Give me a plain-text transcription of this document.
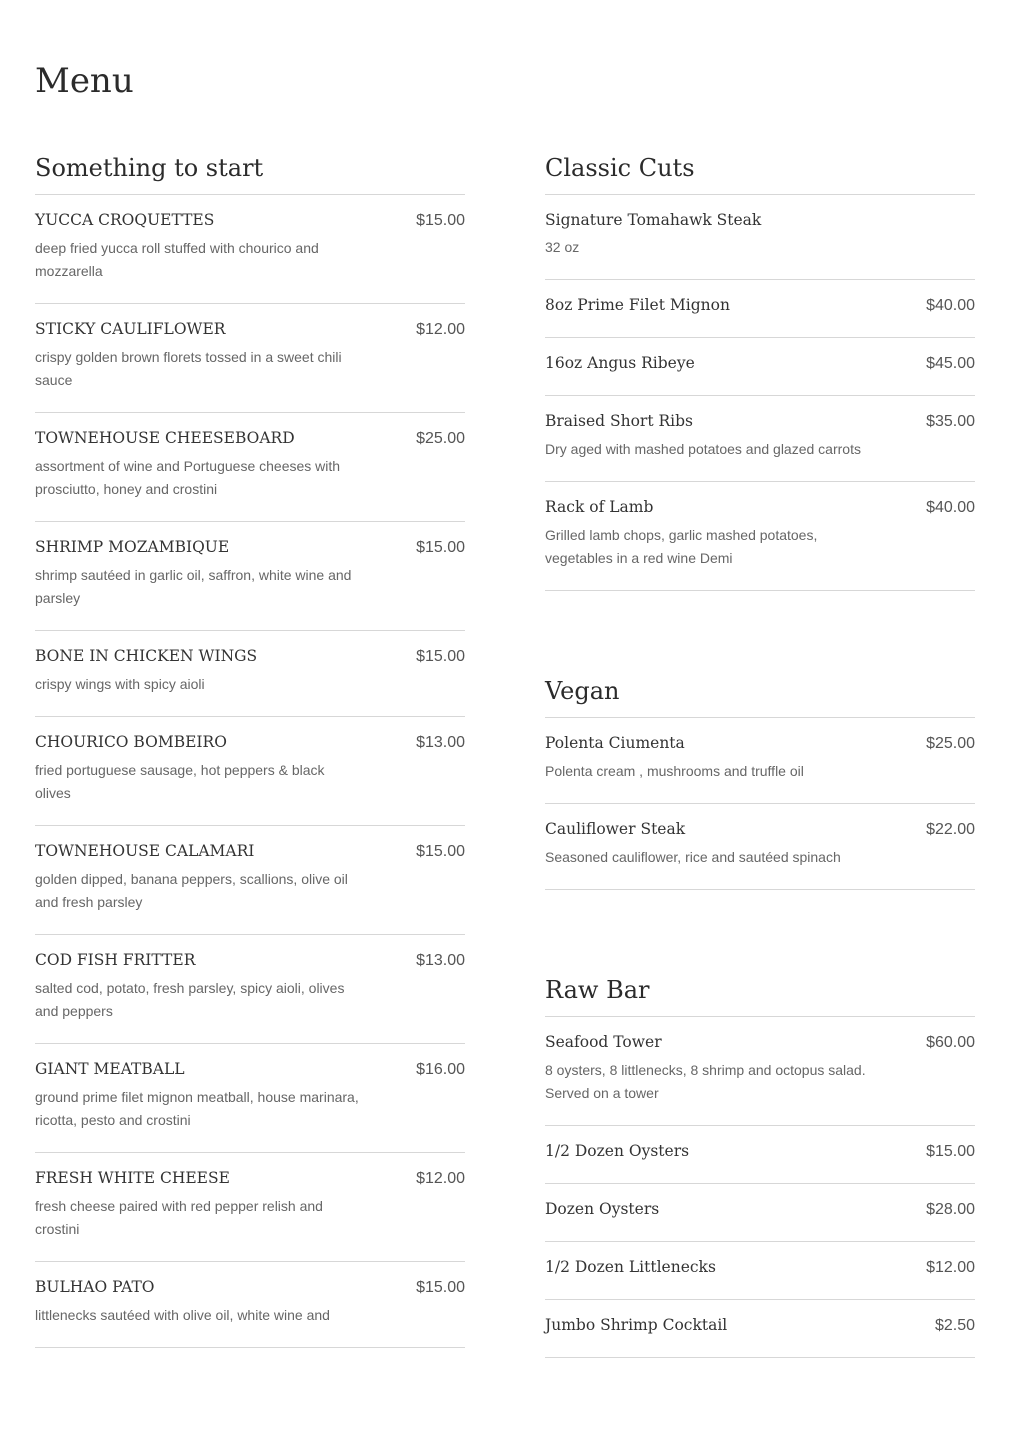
Menu
Something to start
YUCCA CROQUETTES	$15.00
deep fried yucca roll stuffed with chourico and mozzarella
STICKY CAULIFLOWER	$12.00
crispy golden brown florets tossed in a sweet chili sauce
TOWNEHOUSE CHEESEBOARD	$25.00
assortment of wine and Portuguese cheeses with prosciutto, honey and crostini
SHRIMP MOZAMBIQUE	$15.00
shrimp sautéed in garlic oil, saffron, white wine and parsley
BONE IN CHICKEN WINGS	$15.00
crispy wings with spicy aioli
CHOURICO BOMBEIRO	$13.00
fried portuguese sausage, hot peppers & black olives
TOWNEHOUSE CALAMARI	$15.00
golden dipped, banana peppers, scallions, olive oil and fresh parsley
COD FISH FRITTER	$13.00
salted cod, potato, fresh parsley, spicy aioli, olives and peppers
GIANT MEATBALL	$16.00
ground prime filet mignon meatball, house marinara, ricotta, pesto and crostini
FRESH WHITE CHEESE	$12.00
fresh cheese paired with red pepper relish and crostini
BULHAO PATO	$15.00
littlenecks sautéed with olive oil, white wine and
Classic Cuts
Signature Tomahawk Steak
32 oz
8oz Prime Filet Mignon	$40.00
16oz Angus Ribeye	$45.00
Braised Short Ribs	$35.00
Dry aged with mashed potatoes and glazed carrots
Rack of Lamb	$40.00
Grilled lamb chops, garlic mashed potatoes, vegetables in a red wine Demi
Vegan
Polenta Ciumenta	$25.00
Polenta cream , mushrooms and truffle oil
Cauliflower Steak	$22.00
Seasoned cauliflower, rice and sautéed spinach
Raw Bar
Seafood Tower	$60.00
8 oysters, 8 littlenecks, 8 shrimp and octopus salad. Served on a tower
1/2 Dozen Oysters	$15.00
Dozen Oysters	$28.00
1/2 Dozen Littlenecks	$12.00
Jumbo Shrimp Cocktail	$2.50
